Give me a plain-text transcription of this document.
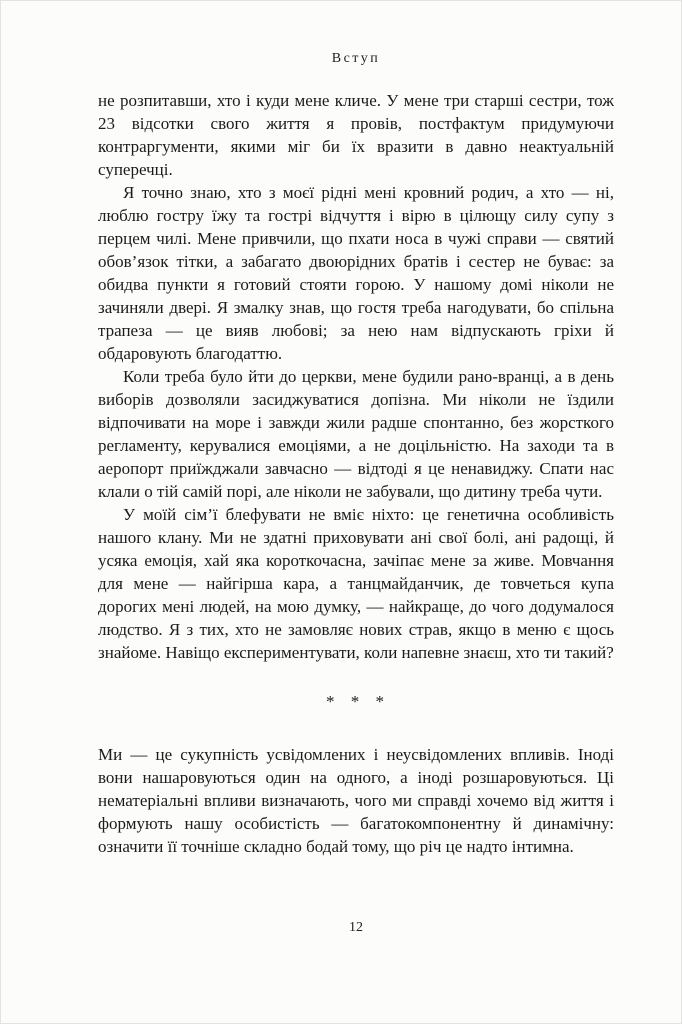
Вступ

не розпитавши, хто і куди мене кличе. У мене три старші сестри, тож 23 відсотки свого життя я провів, постфактум придумуючи контраргументи, якими міг би їх вразити в давно неактуальній суперечці.

Я точно знаю, хто з моєї рідні мені кровний родич, а хто — ні, люблю гостру їжу та гострі відчуття і вірю в цілющу силу супу з перцем чилі. Мене привчили, що пхати носа в чужі справи — святий обов’язок тітки, а забагато двоюрідних братів і сестер не буває: за обидва пункти я готовий стояти горою. У нашому домі ніколи не зачиняли двері. Я змалку знав, що гостя треба нагодувати, бо спільна трапеза — це вияв любові; за нею нам відпускають гріхи й обдаровують благодаттю.

Коли треба було йти до церкви, мене будили рано-вранці, а в день виборів дозволяли засиджуватися допізна. Ми ніколи не їздили відпочивати на море і завжди жили радше спонтанно, без жорсткого регламенту, керувалися емоціями, а не доцільністю. На заходи та в аеропорт приїжджали завчасно — відтоді я це ненавиджу. Спати нас клали о тій самій порі, але ніколи не забували, що дитину треба чути.

У моїй сім’ї блефувати не вміє ніхто: це генетична особливість нашого клану. Ми не здатні приховувати ані свої болі, ані радощі, й усяка емоція, хай яка короткочасна, зачіпає мене за живе. Мовчання для мене — найгірша кара, а танцмайданчик, де товчеться купа дорогих мені людей, на мою думку, — найкраще, до чого додумалося людство. Я з тих, хто не замовляє нових страв, якщо в меню є щось знайоме. Навіщо експериментувати, коли напевне знаєш, хто ти такий?

* * *

Ми — це сукупність усвідомлених і неусвідомлених впливів. Іноді вони нашаровуються один на одного, а іноді розшаровуються. Ці нематеріальні впливи визначають, чого ми справді хочемо від життя і формують нашу особистість — багатокомпонентну й динамічну: означити її точніше складно бодай тому, що річ це надто інтимна.

12
